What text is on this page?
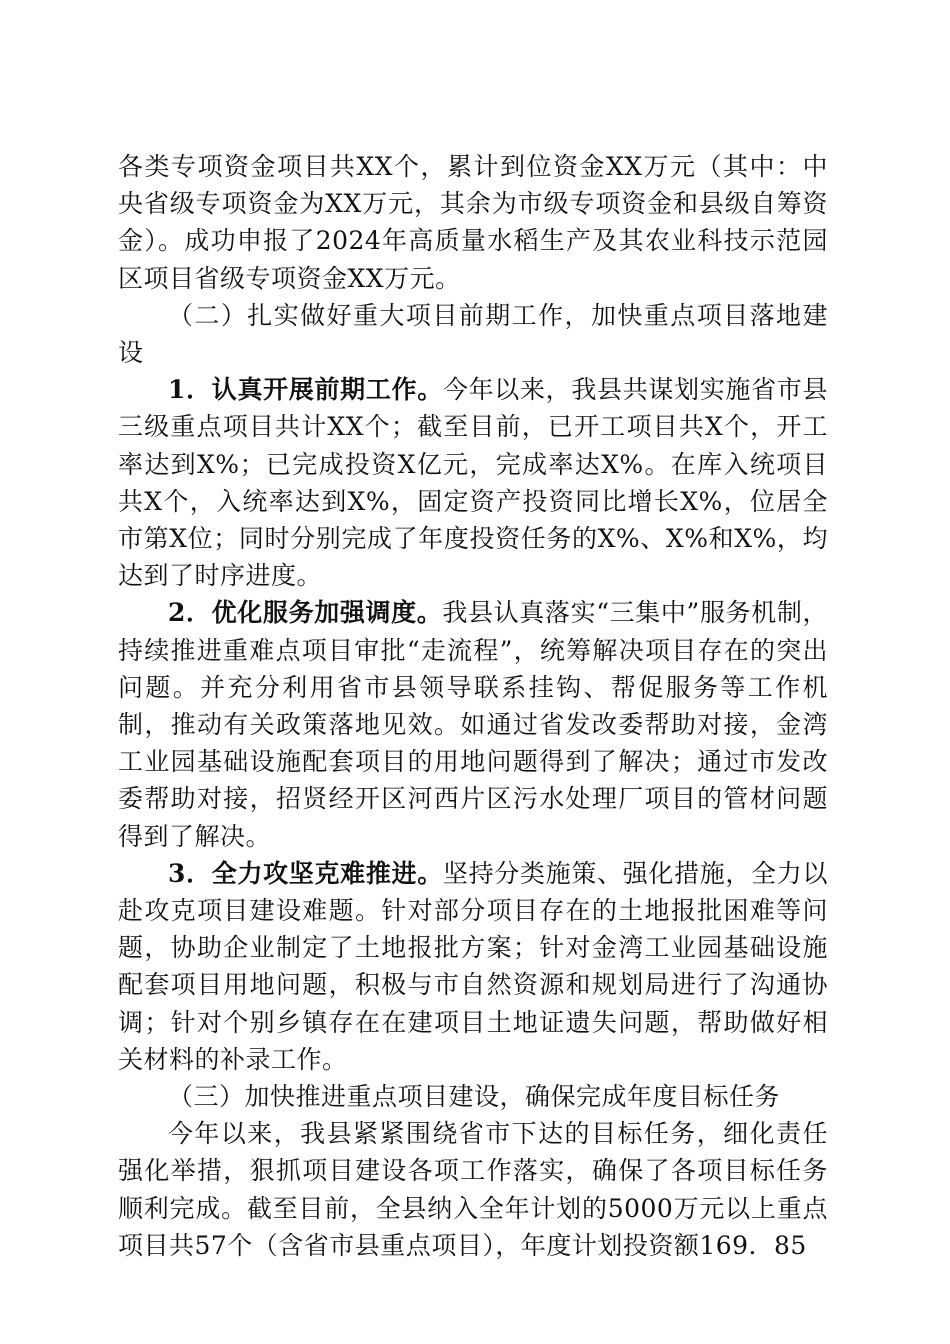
各类专项资金项目共XX个，累计到位资金XX万元（其中：中央省级专项资金为XX万元，其余为市级专项资金和县级自筹资金）。成功申报了2024年高质量水稻生产及其农业科技示范园区项目省级专项资金XX万元。

（二）扎实做好重大项目前期工作，加快重点项目落地建设

1．认真开展前期工作。今年以来，我县共谋划实施省市县三级重点项目共计XX个；截至目前，已开工项目共X个，开工率达到X%；已完成投资X亿元，完成率达X%。在库入统项目共X个，入统率达到X%，固定资产投资同比增长X%，位居全市第X位；同时分别完成了年度投资任务的X%、X%和X%，均达到了时序进度。

2．优化服务加强调度。我县认真落实“三集中”服务机制，持续推进重难点项目审批“走流程”，统筹解决项目存在的突出问题。并充分利用省市县领导联系挂钩、帮促服务等工作机制，推动有关政策落地见效。如通过省发改委帮助对接，金湾工业园基础设施配套项目的用地问题得到了解决；通过市发改委帮助对接，招贤经开区河西片区污水处理厂项目的管材问题得到了解决。

3．全力攻坚克难推进。坚持分类施策、强化措施，全力以赴攻克项目建设难题。针对部分项目存在的土地报批困难等问题，协助企业制定了土地报批方案；针对金湾工业园基础设施配套项目用地问题，积极与市自然资源和规划局进行了沟通协调；针对个别乡镇存在在建项目土地证遗失问题，帮助做好相关材料的补录工作。

（三）加快推进重点项目建设，确保完成年度目标任务

今年以来，我县紧紧围绕省市下达的目标任务，细化责任强化举措，狠抓项目建设各项工作落实，确保了各项目标任务顺利完成。截至目前，全县纳入全年计划的5000万元以上重点项目共57个（含省市县重点项目），年度计划投资额169．85
